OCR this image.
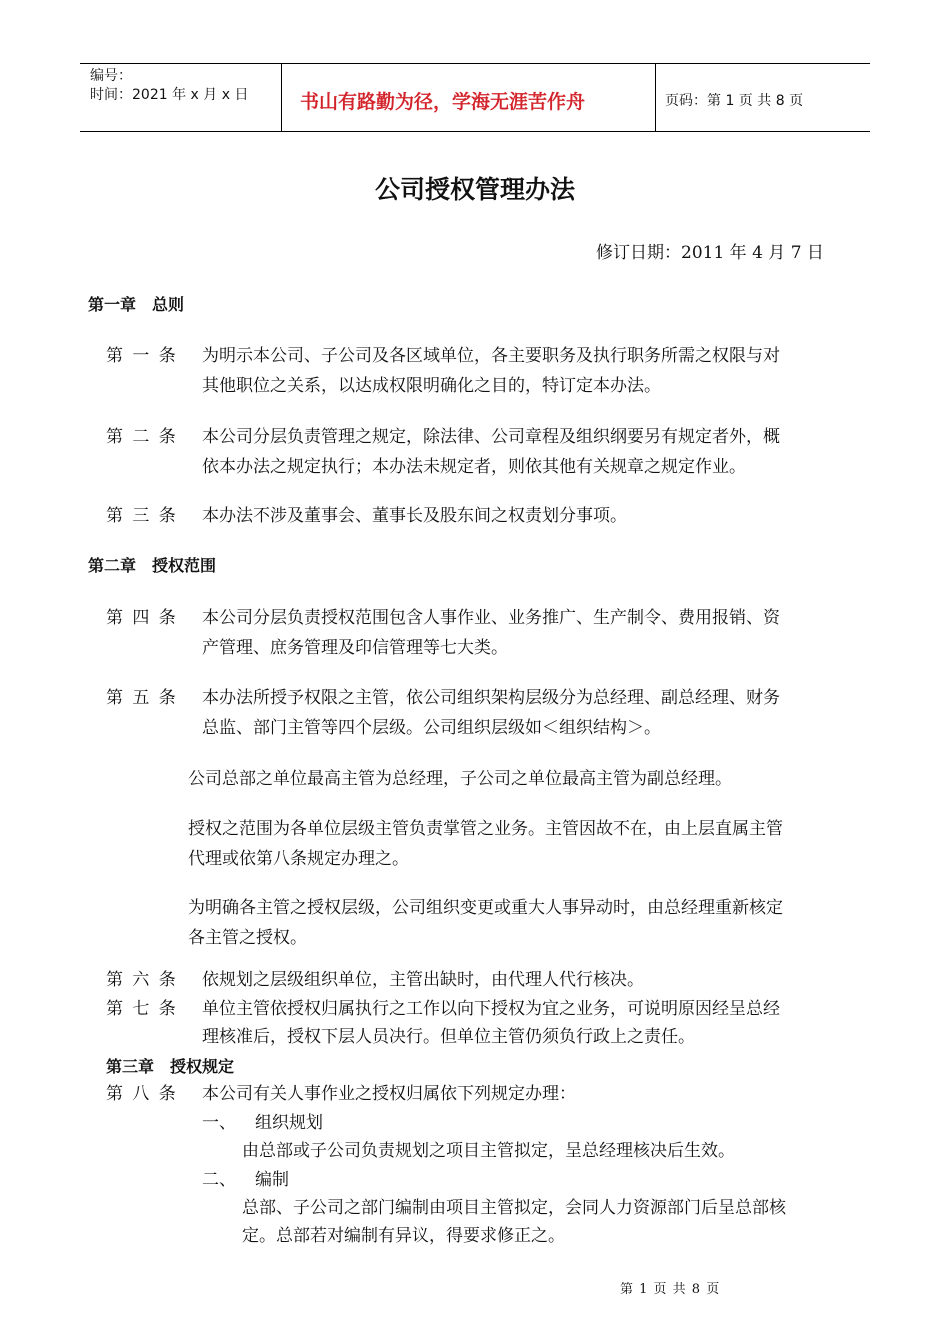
编号：
时间：2021 年 x 月 x 日	书山有路勤为径，学海无涯苦作舟	页码：第 1 页 共 8 页
公司授权管理办法
修订日期：2011 年 4 月 7 日
第一章　总则
第 一 条 为明示本公司、子公司及各区域单位，各主要职务及执行职务所需之权限与对
其他职位之关系，以达成权限明确化之目的，特订定本办法。
第 二 条 本公司分层负责管理之规定，除法律、公司章程及组织纲要另有规定者外，概
依本办法之规定执行；本办法未规定者，则依其他有关规章之规定作业。
第 三 条 本办法不涉及董事会、董事长及股东间之权责划分事项。
第二章　授权范围
第 四 条 本公司分层负责授权范围包含人事作业、业务推广、生产制令、费用报销、资
产管理、庶务管理及印信管理等七大类。
第 五 条 本办法所授予权限之主管，依公司组织架构层级分为总经理、副总经理、财务
总监、部门主管等四个层级。公司组织层级如＜组织结构＞。
公司总部之单位最高主管为总经理，子公司之单位最高主管为副总经理。
授权之范围为各单位层级主管负责掌管之业务。主管因故不在，由上层直属主管
代理或依第八条规定办理之。
为明确各主管之授权层级，公司组织变更或重大人事异动时，由总经理重新核定
各主管之授权。
第 六 条 依规划之层级组织单位，主管出缺时，由代理人代行核决。
第 七 条 单位主管依授权归属执行之工作以向下授权为宜之业务，可说明原因经呈总经
理核准后，授权下层人员决行。但单位主管仍须负行政上之责任。
第三章　授权规定
第 八 条 本公司有关人事作业之授权归属依下列规定办理：
一、 组织规划
由总部或子公司负责规划之项目主管拟定，呈总经理核决后生效。
二、 编制
总部、子公司之部门编制由项目主管拟定，会同人力资源部门后呈总部核
定。总部若对编制有异议，得要求修正之。
第 1 页 共 8 页
